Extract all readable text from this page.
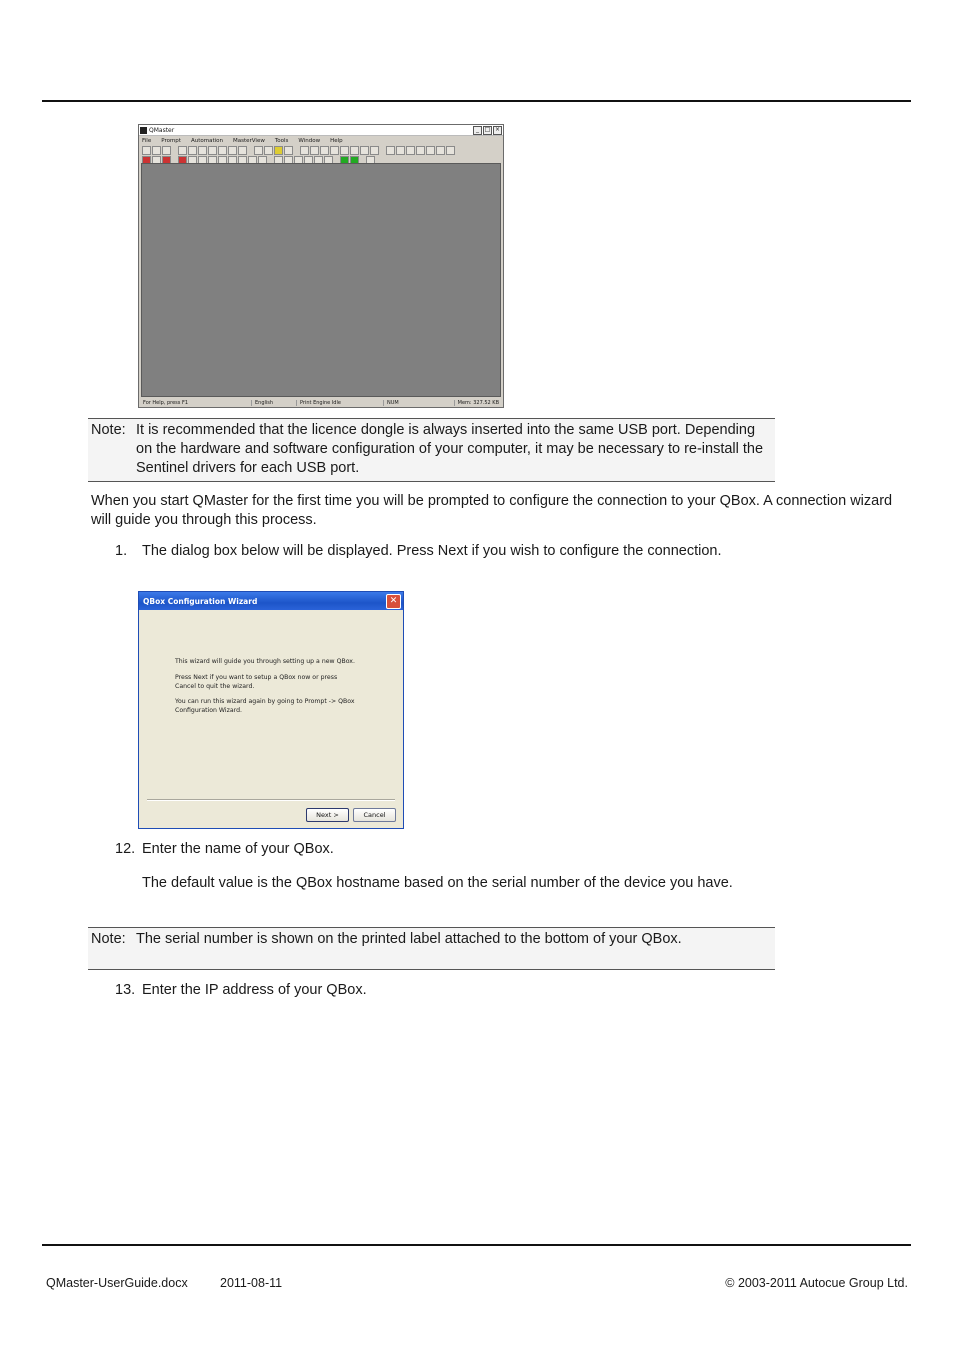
QMaster	_ □ ×
File Prompt Automation MasterView Tools Window Help
For Help, press F1	English	Print Engine Idle	NUM	Mem: 327.52 KB
Note: It is recommended that the licence dongle is always inserted into the same USB port. Depending on the hardware and software configuration of your computer, it may be necessary to re-install the Sentinel drivers for each USB port.

When you start QMaster for the first time you will be prompted to configure the connection to your QBox. A connection wizard will guide you through this process.

1. The dialog box below will be displayed. Press Next if you wish to configure the connection.

QBox Configuration Wizard	✕
This wizard will guide you through setting up a new QBox.
Press Next if you want to setup a QBox now or press Cancel to quit the wizard.
You can run this wizard again by going to Prompt -> QBox Configuration Wizard.
Next >	Cancel
12. Enter the name of your QBox.

The default value is the QBox hostname based on the serial number of the device you have.

Note: The serial number is shown on the printed label attached to the bottom of your QBox.
13. Enter the IP address of your QBox.

QMaster-UserGuide.docx	2011-08-11	© 2003-2011 Autocue Group Ltd.
